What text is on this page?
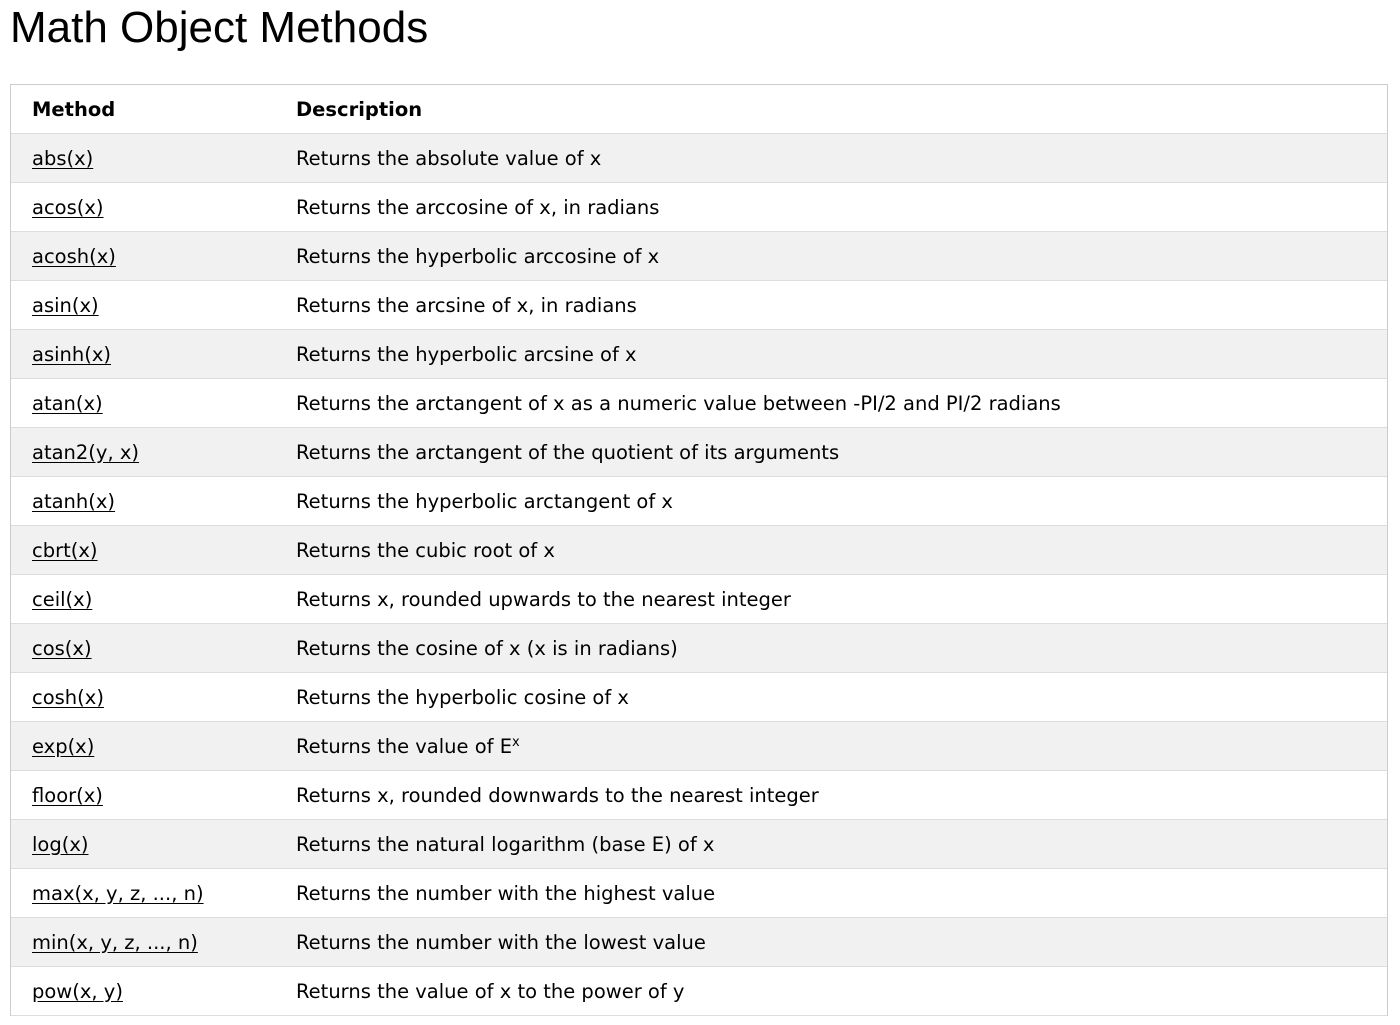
Math Object Methods
Method	Description
abs(x)	Returns the absolute value of x
acos(x)	Returns the arccosine of x, in radians
acosh(x)	Returns the hyperbolic arccosine of x
asin(x)	Returns the arcsine of x, in radians
asinh(x)	Returns the hyperbolic arcsine of x
atan(x)	Returns the arctangent of x as a numeric value between -PI/2 and PI/2 radians
atan2(y, x)	Returns the arctangent of the quotient of its arguments
atanh(x)	Returns the hyperbolic arctangent of x
cbrt(x)	Returns the cubic root of x
ceil(x)	Returns x, rounded upwards to the nearest integer
cos(x)	Returns the cosine of x (x is in radians)
cosh(x)	Returns the hyperbolic cosine of x
exp(x)	Returns the value of $E^x$
floor(x)	Returns x, rounded downwards to the nearest integer
log(x)	Returns the natural logarithm (base E) of x
max(x, y, z, ..., n)	Returns the number with the highest value
min(x, y, z, ..., n)	Returns the number with the lowest value
pow(x, y)	Returns the value of x to the power of y
